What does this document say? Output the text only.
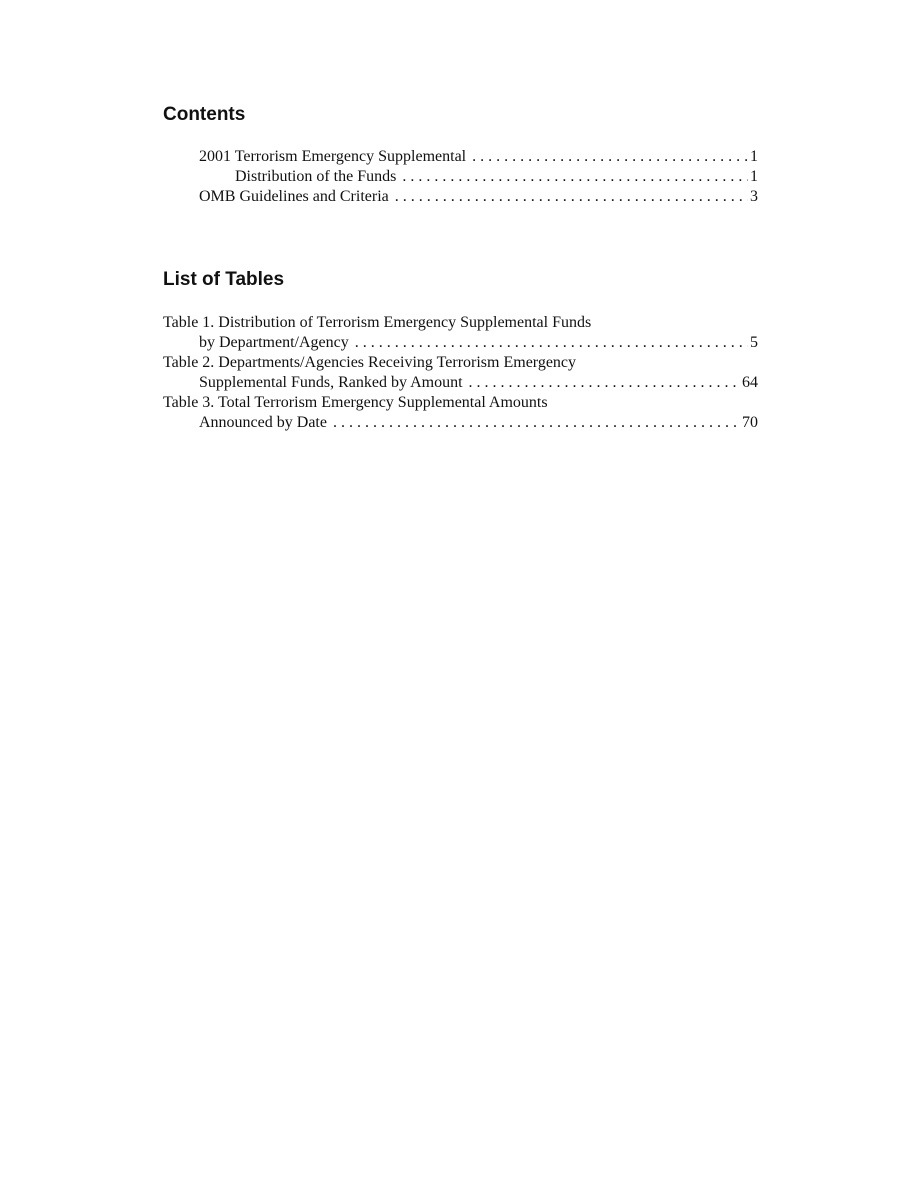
Contents
2001 Terrorism Emergency Supplemental . . .	1
Distribution of the Funds . . .	1
OMB Guidelines and Criteria . . .	3
List of Tables
Table 1. Distribution of Terrorism Emergency Supplemental Funds
by Department/Agency . . .	5
Table 2. Departments/Agencies Receiving Terrorism Emergency
Supplemental Funds, Ranked by Amount . . .	64
Table 3. Total Terrorism Emergency Supplemental Amounts
Announced by Date . . .	70
